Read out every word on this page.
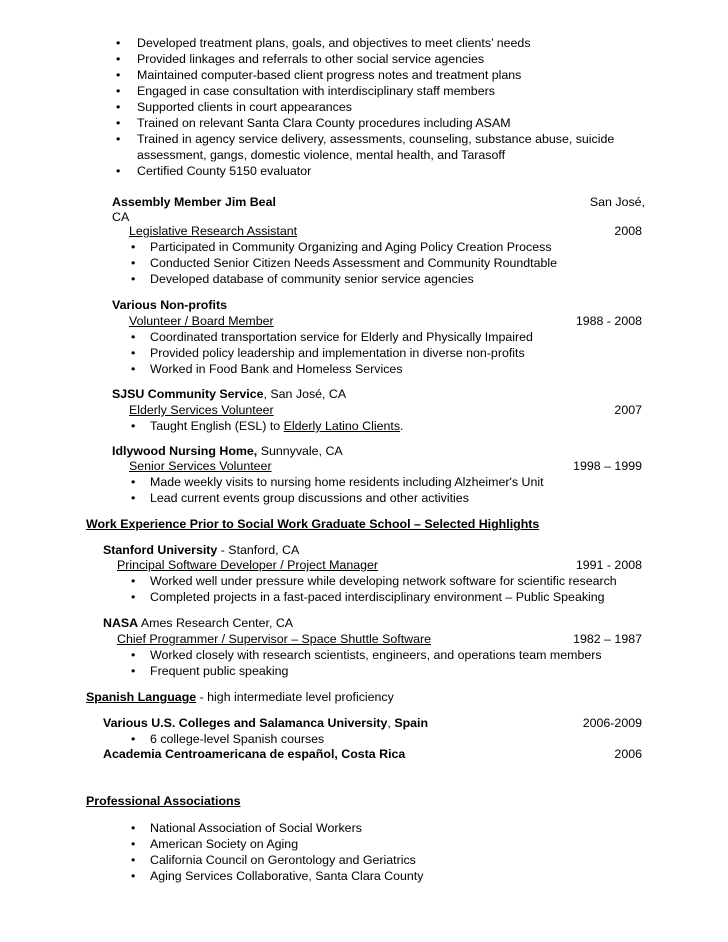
• Developed treatment plans, goals, and objectives to meet clients’ needs
• Provided linkages and referrals to other social service agencies
• Maintained computer-based client progress notes and treatment plans
• Engaged in case consultation with interdisciplinary staff members
• Supported clients in court appearances
• Trained on relevant Santa Clara County procedures including ASAM
• Trained in agency service delivery, assessments, counseling, substance abuse, suicide
assessment, gangs, domestic violence, mental health, and Tarasoff
• Certified County 5150 evaluator
Assembly Member Jim Beal	San José,
CA
Legislative Research Assistant	2008
• Participated in Community Organizing and Aging Policy Creation Process
• Conducted Senior Citizen Needs Assessment and Community Roundtable
• Developed database of community senior service agencies
Various Non-profits
Volunteer / Board Member	1988 - 2008
• Coordinated transportation service for Elderly and Physically Impaired
• Provided policy leadership and implementation in diverse non-profits
• Worked in Food Bank and Homeless Services
SJSU Community Service, San José, CA
Elderly Services Volunteer	2007
• Taught English (ESL) to Elderly Latino Clients.
Idlywood Nursing Home, Sunnyvale, CA
Senior Services Volunteer	1998 – 1999
• Made weekly visits to nursing home residents including Alzheimer's Unit
• Lead current events group discussions and other activities
Work Experience Prior to Social Work Graduate School – Selected Highlights
Stanford University - Stanford, CA
Principal Software Developer / Project Manager	1991 - 2008
• Worked well under pressure while developing network software for scientific research
• Completed projects in a fast-paced interdisciplinary environment – Public Speaking
NASA Ames Research Center, CA
Chief Programmer / Supervisor – Space Shuttle Software	1982 – 1987
• Worked closely with research scientists, engineers, and operations team members
• Frequent public speaking
Spanish Language - high intermediate level proficiency
Various U.S. Colleges and Salamanca University, Spain	2006-2009
• 6 college-level Spanish courses
Academia Centroamericana de español, Costa Rica	2006
Professional Associations
• National Association of Social Workers
• American Society on Aging
• California Council on Gerontology and Geriatrics
• Aging Services Collaborative, Santa Clara County
